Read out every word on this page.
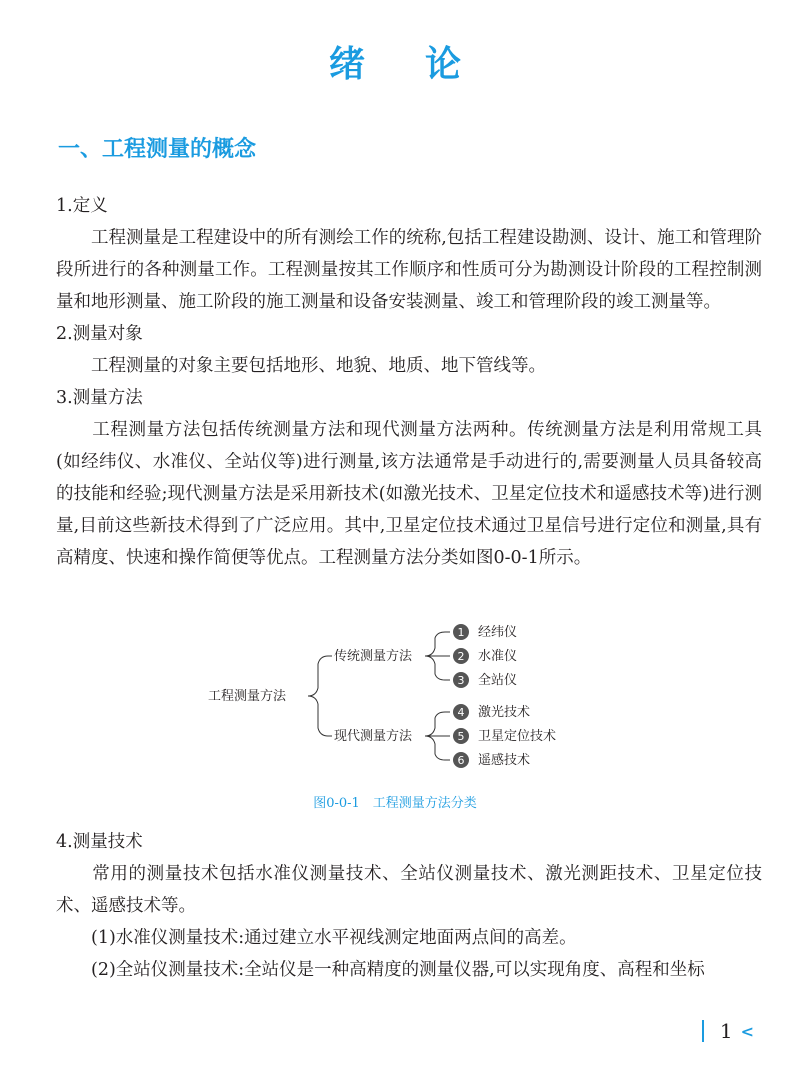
绪论
一、工程测量的概念

1.定义

　　工程测量是工程建设中的所有测绘工作的统称,包括工程建设勘测、设计、施工和管理阶段所进行的各种测量工作。工程测量按其工作顺序和性质可分为勘测设计阶段的工程控制测量和地形测量、施工阶段的施工测量和设备安装测量、竣工和管理阶段的竣工测量等。

2.测量对象

　　工程测量的对象主要包括地形、地貌、地质、地下管线等。

3.测量方法

　　工程测量方法包括传统测量方法和现代测量方法两种。传统测量方法是利用常规工具(如经纬仪、水准仪、全站仪等)进行测量,该方法通常是手动进行的,需要测量人员具备较高的技能和经验;现代测量方法是采用新技术(如激光技术、卫星定位技术和遥感技术等)进行测量,目前这些新技术得到了广泛应用。其中,卫星定位技术通过卫星信号进行定位和测量,具有高精度、快速和操作简便等优点。工程测量方法分类如图0-0-1所示。

工程测量方法
传统测量方法
现代测量方法
1 经纬仪
2 水准仪
3 全站仪
4 激光技术
5 卫星定位技术
6 遥感技术

图0-0-1　工程测量方法分类

4.测量技术

　　常用的测量技术包括水准仪测量技术、全站仪测量技术、激光测距技术、卫星定位技术、遥感技术等。

　　(1)水准仪测量技术:通过建立水平视线测定地面两点间的高差。

　　(2)全站仪测量技术:全站仪是一种高精度的测量仪器,可以实现角度、高程和坐标

1 <
